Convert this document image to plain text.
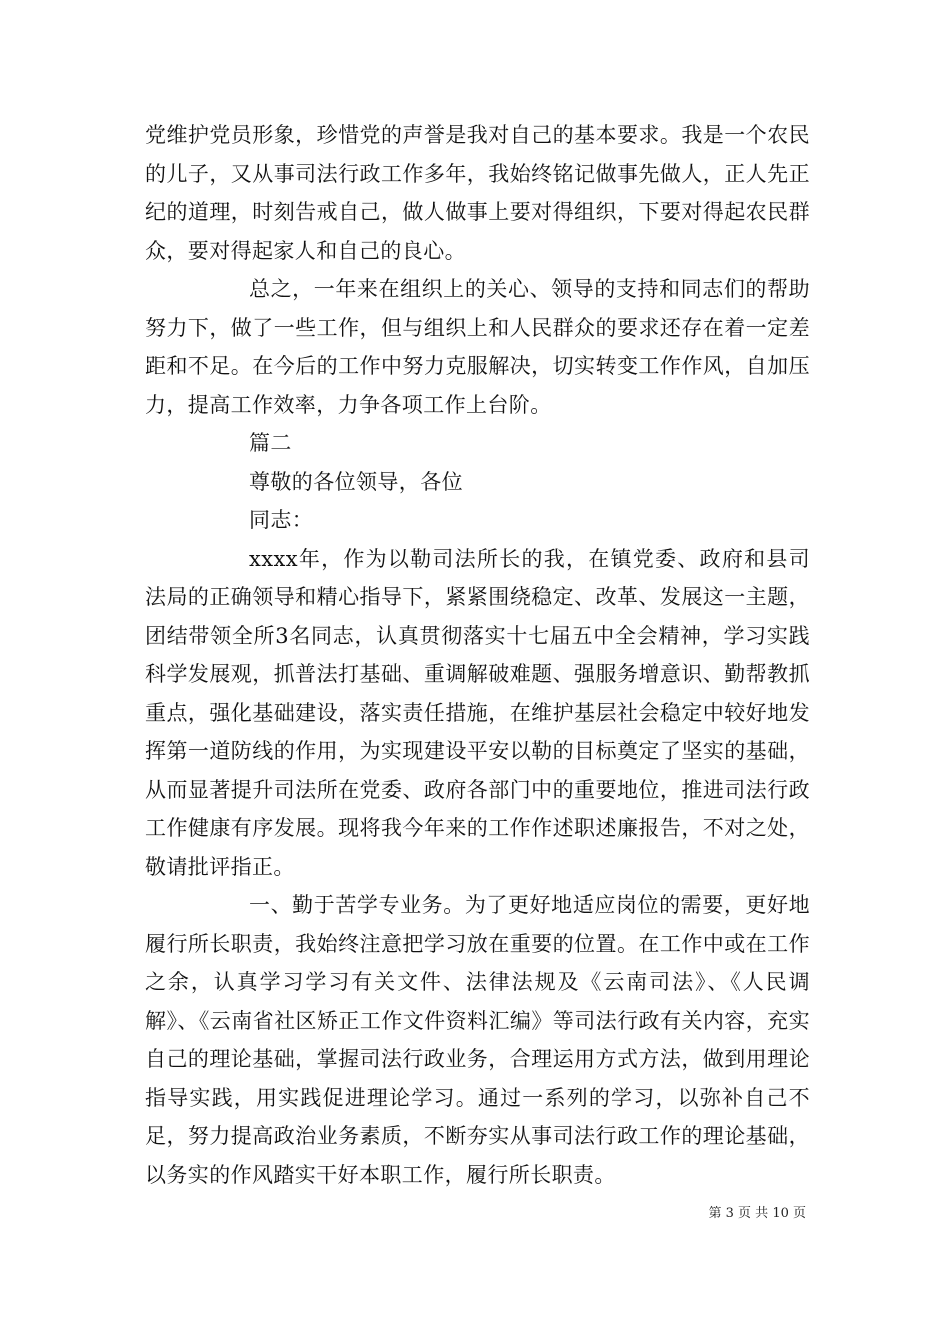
党维护党员形象，珍惜党的声誉是我对自己的基本要求。我是一个农民的儿子，又从事司法行政工作多年，我始终铭记做事先做人，正人先正纪的道理，时刻告戒自己，做人做事上要对得组织，下要对得起农民群众，要对得起家人和自己的良心。

总之，一年来在组织上的关心、领导的支持和同志们的帮助努力下，做了一些工作，但与组织上和人民群众的要求还存在着一定差距和不足。在今后的工作中努力克服解决，切实转变工作作风，自加压力，提高工作效率，力争各项工作上台阶。

篇二

尊敬的各位领导，各位

同志：

xxxx年，作为以勒司法所长的我，在镇党委、政府和县司法局的正确领导和精心指导下，紧紧围绕稳定、改革、发展这一主题，团结带领全所3名同志，认真贯彻落实十七届五中全会精神，学习实践科学发展观，抓普法打基础、重调解破难题、强服务增意识、勤帮教抓重点，强化基础建设，落实责任措施，在维护基层社会稳定中较好地发挥第一道防线的作用，为实现建设平安以勒的目标奠定了坚实的基础，从而显著提升司法所在党委、政府各部门中的重要地位，推进司法行政工作健康有序发展。现将我今年来的工作作述职述廉报告，不对之处，敬请批评指正。

一、勤于苦学专业务。为了更好地适应岗位的需要，更好地履行所长职责，我始终注意把学习放在重要的位置。在工作中或在工作之余，认真学习学习有关文件、法律法规及《云南司法》、《人民调解》、《云南省社区矫正工作文件资料汇编》等司法行政有关内容，充实自己的理论基础，掌握司法行政业务，合理运用方式方法，做到用理论指导实践，用实践促进理论学习。通过一系列的学习，以弥补自己不足，努力提高政治业务素质，不断夯实从事司法行政工作的理论基础，以务实的作风踏实干好本职工作，履行所长职责。

第 3 页 共 10 页
